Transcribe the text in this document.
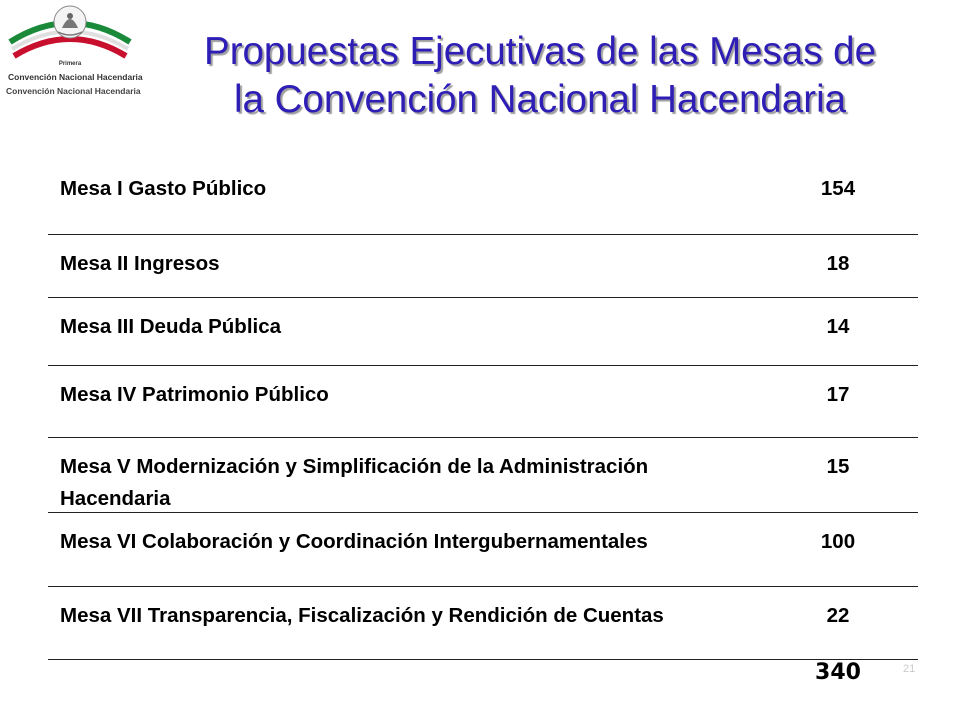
Primera
Convención Nacional Hacendaria
Convención Nacional Hacendaria
Propuestas Ejecutivas de las Mesas de
la Convención Nacional Hacendaria
Mesa I Gasto Público	154
Mesa II Ingresos	18
Mesa III Deuda Pública	14
Mesa IV Patrimonio Público	17
Mesa V Modernización y Simplificación de la Administración Hacendaria
15
Mesa VI Colaboración y Coordinación Intergubernamentales	100
Mesa VII Transparencia, Fiscalización y Rendición de Cuentas	22
340	21
